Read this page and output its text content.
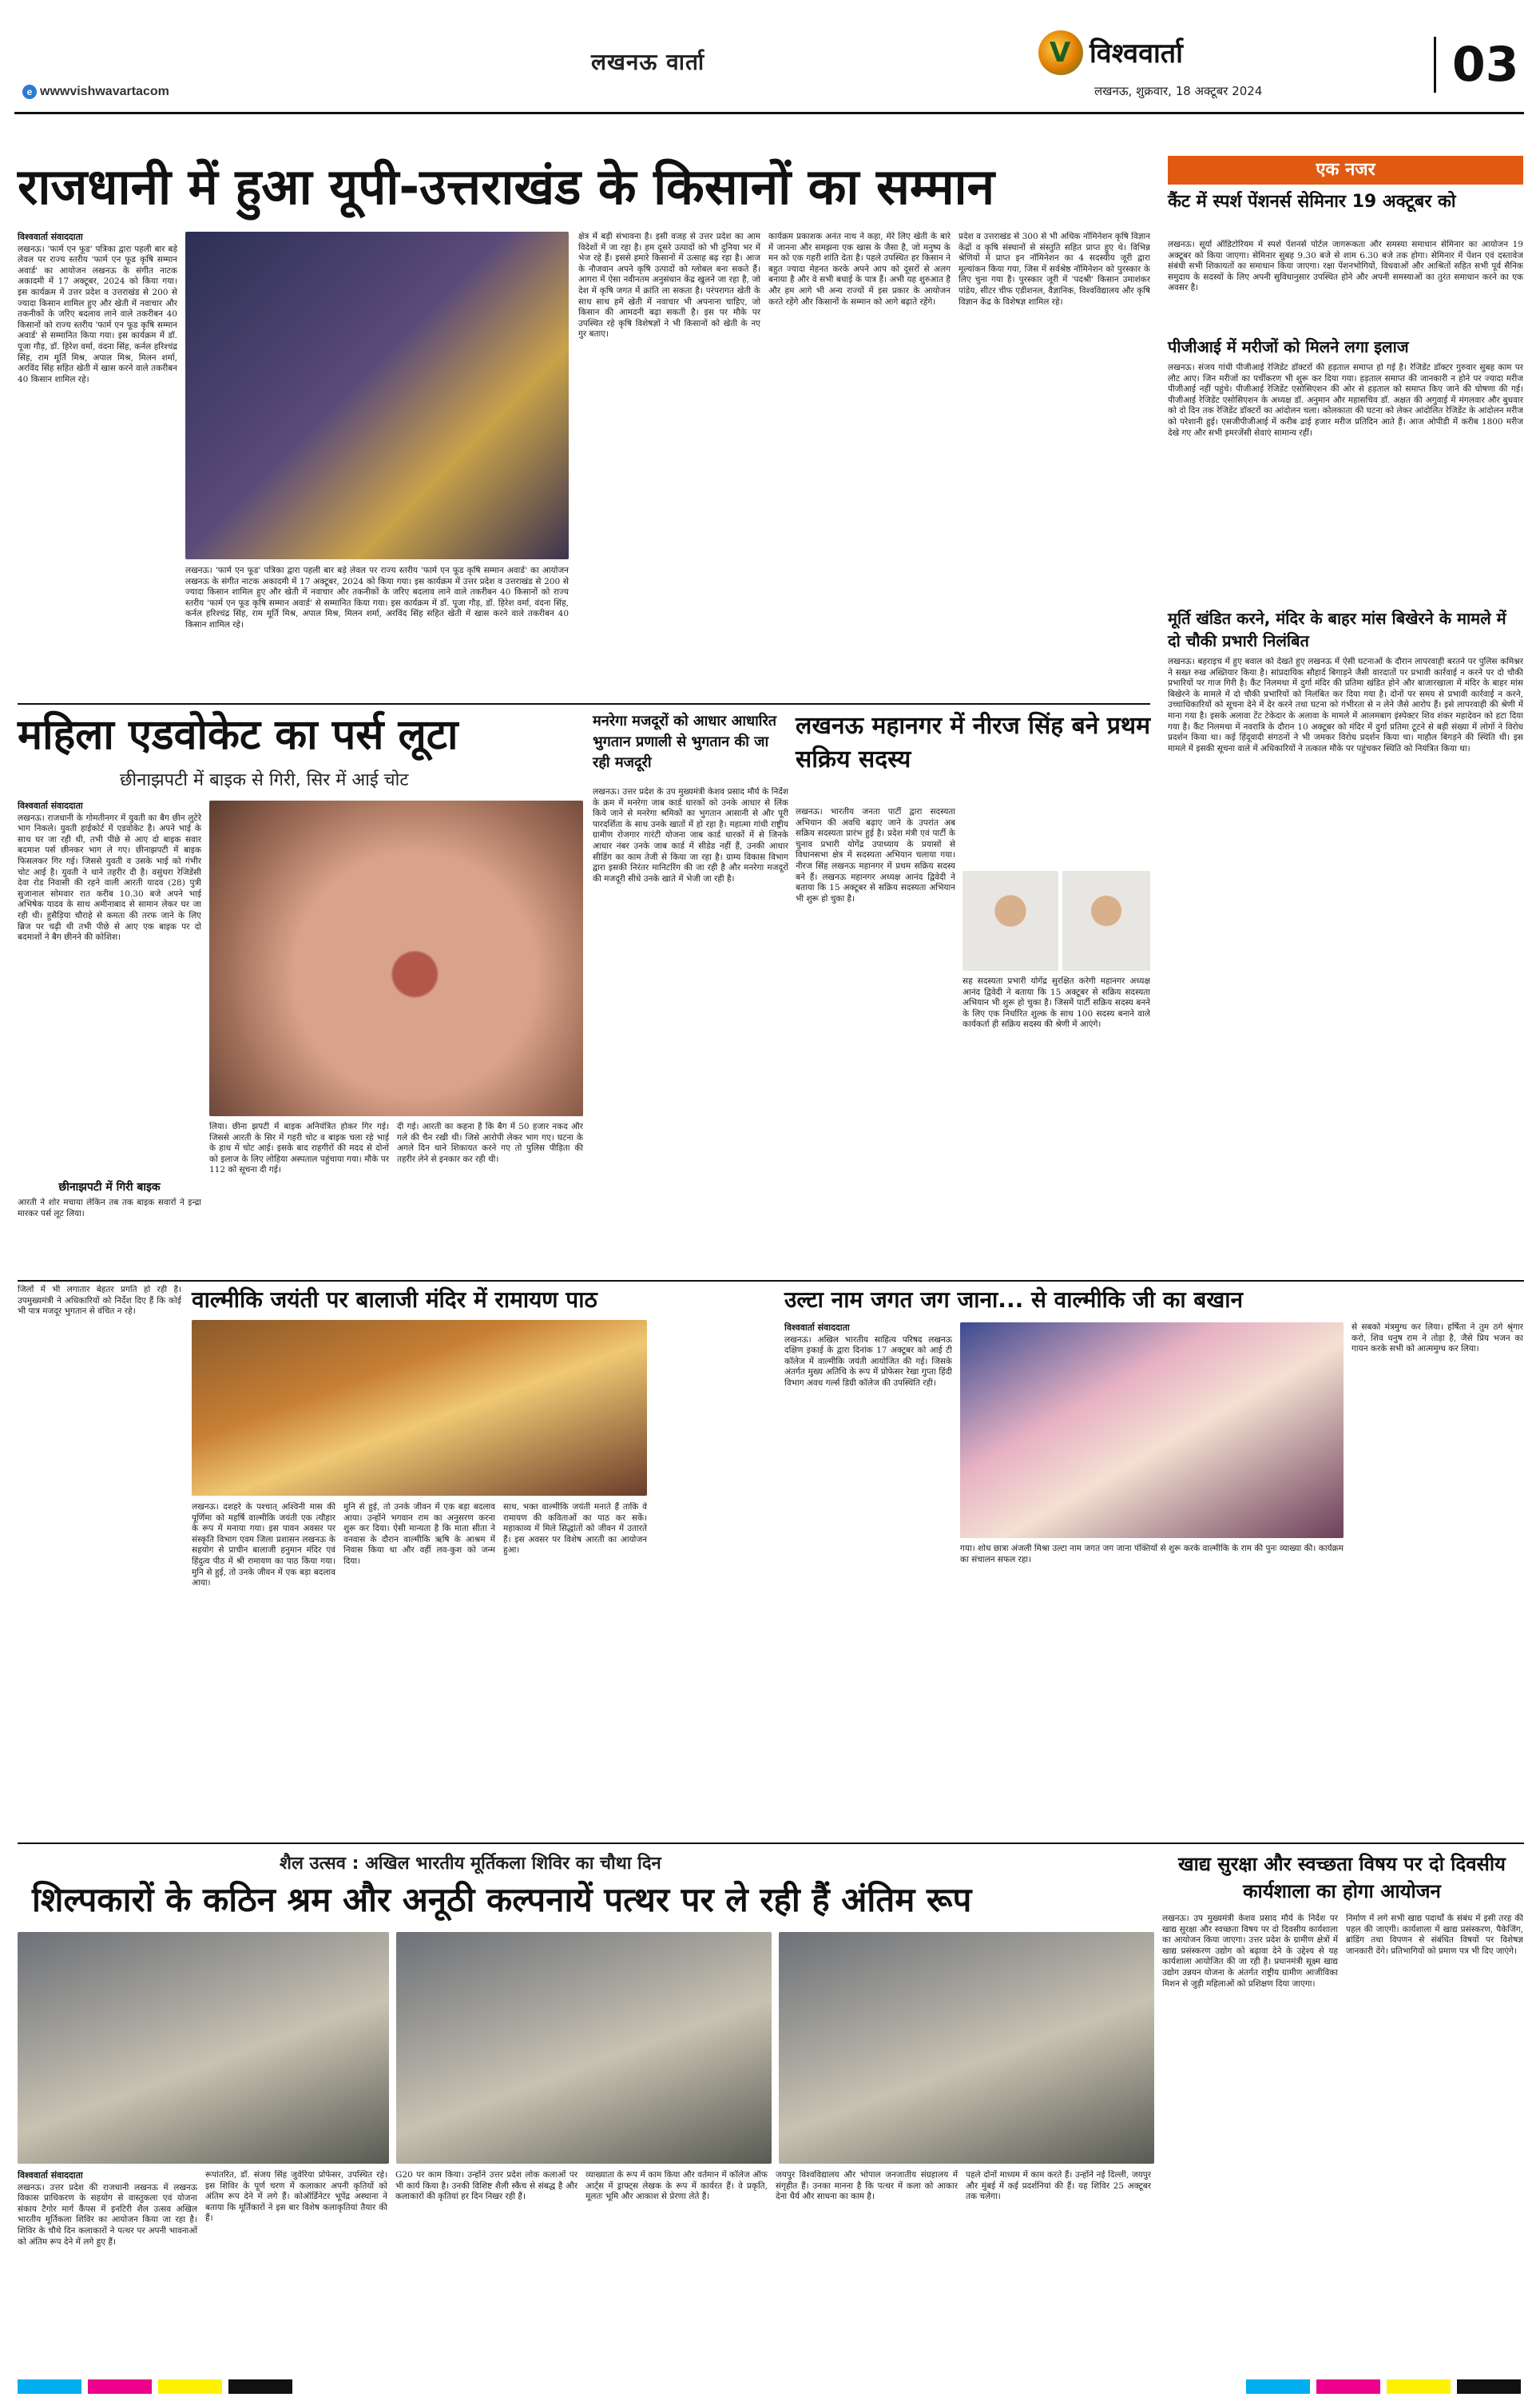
लखनऊ वार्ता
e wwwvishwavartacom
V
विश्ववार्ता
लखनऊ, शुक्रवार, 18 अक्टूबर 2024	03
राजधानी में हुआ यूपी-उत्तराखंड के किसानों का सम्मान
विश्ववार्ता संवाददाता
लखनऊ। 'फार्म एन फूड' पत्रिका द्वारा पहली बार बड़े लेवल पर राज्य स्तरीय 'फार्म एन फूड कृषि सम्मान अवार्ड' का आयोजन लखनऊ के संगीत नाटक अकादमी में 17 अक्टूबर, 2024 को किया गया। इस कार्यक्रम में उत्तर प्रदेश व उत्तराखंड से 200 से ज्यादा किसान शामिल हुए और खेती में नवाचार और तकनीकों के जरिए बदलाव लाने वाले तकरीबन 40 किसानों को राज्य स्तरीय 'फार्म एन फूड कृषि सम्मान अवार्ड' से सम्मानित किया गया। इस कार्यक्रम में डॉ. पूजा गौड़, डॉ. हिरेश वर्मा, वंदना सिंह, कर्नल हरिश्चंद्र सिंह, राम मूर्ति मिश्र, अपाल मिश्र, मिलन शर्मा, अरविंद सिंह सहित खेती में खास करने वाले तकरीबन 40 किसान शामिल रहे।
लखनऊ। 'फार्म एन फूड' पत्रिका द्वारा पहली बार बड़े लेवल पर राज्य स्तरीय 'फार्म एन फूड कृषि सम्मान अवार्ड' का आयोजन लखनऊ के संगीत नाटक अकादमी में 17 अक्टूबर, 2024 को किया गया। इस कार्यक्रम में उत्तर प्रदेश व उत्तराखंड से 200 से ज्यादा किसान शामिल हुए और खेती में नवाचार और तकनीकों के जरिए बदलाव लाने वाले तकरीबन 40 किसानों को राज्य स्तरीय 'फार्म एन फूड कृषि सम्मान अवार्ड' से सम्मानित किया गया। इस कार्यक्रम में डॉ. पूजा गौड़, डॉ. हिरेश वर्मा, वंदना सिंह, कर्नल हरिश्चंद्र सिंह, राम मूर्ति मिश्र, अपाल मिश्र, मिलन शर्मा, अरविंद सिंह सहित खेती में खास करने वाले तकरीबन 40 किसान शामिल रहे।
क्षेत्र में बड़ी संभावना है। इसी वजह से उत्तर प्रदेश का आम विदेशों में जा रहा है। हम दूसरे उत्पादों को भी दुनिया भर में भेज रहे हैं। इससे हमारे किसानों में उत्साह बढ़ रहा है। आज के नौजवान अपने कृषि उत्पादों को ग्लोबल बना सकते हैं। आगरा में ऐसा नवीनतम अनुसंधान केंद्र खुलने जा रहा है, जो देश में कृषि जगत में क्रांति ला सकता है। परंपरागत खेती के साथ साथ हमें खेती में नवाचार भी अपनाना चाहिए, जो किसान की आमदनी बढ़ा सकती है। इस पर मौके पर उपस्थित रहे कृषि विशेषज्ञों ने भी किसानों को खेती के नए गुर बताए।
कार्यक्रम प्रकाशक अनंत नाथ ने कहा, मेरे लिए खेती के बारे में जानना और समझना एक खास के जैसा है, जो मनुष्य के मन को एक गहरी शांति देता है। पहले उपस्थित हर किसान ने बहुत ज्यादा मेहनत करके अपने आप को दूसरों से अलग बनाया है और वे सभी बधाई के पात्र हैं। अभी यह शुरुआत है और हम आगे भी अन्य राज्यों में इस प्रकार के आयोजन करते रहेंगे और किसानों के सम्मान को आगे बढ़ाते रहेंगे।
प्रदेश व उत्तराखंड से 300 से भी अधिक नॉमिनेशन कृषि विज्ञान केंद्रों व कृषि संस्थानों से संस्तुति सहित प्राप्त हुए थे। विभिन्न श्रेणियों में प्राप्त इन नॉमिनेशन का 4 सदस्यीय जूरी द्वारा मूल्यांकन किया गया, जिस में सर्वश्रेष्ठ नॉमिनेशन को पुरस्कार के लिए चुना गया है। पुरस्कार जूरी में 'पदश्री' किसान उमाशंकर पांडेय, सीटर चीफ एडीशनल, वैज्ञानिक, विश्वविद्यालय और कृषि विज्ञान केंद्र के विशेषज्ञ शामिल रहे।
महिला एडवोकेट का पर्स लूटा
छीनाझपटी में बाइक से गिरी, सिर में आई चोट
विश्ववार्ता संवाददाता
लखनऊ। राजधानी के गोमतीनगर में युवती का बैग छीन लुटेरे भाग निकले। युवती हाईकोर्ट में एडवोकेट है। अपने भाई के साथ घर जा रही थी, तभी पीछे से आए दो बाइक सवार बदमाश पर्स छीनकर भाग ले गए। छीनाझपटी में बाइक फिसलकर गिर गई। जिससे युवती व उसके भाई को गंभीर चोट आई है। युवती ने थाने तहरीर दी है। वसुंधरा रेजिडेंसी देवा रोड निवासी की रहने वाली आरती यादव (28) पुत्री सुजानाल सोमवार रात करीब 10.30 बजे अपने भाई अभिषेक यादव के साथ अमीनाबाद से सामान लेकर घर जा रही थी। हुसैड़िया चौराहे से कमता की तरफ जाने के लिए ब्रिज पर चढ़ी थी तभी पीछे से आए एक बाइक पर दो बदमाशों ने बैग छीनने की कोशिश।
छीनाझपटी में गिरी बाइक
आरती ने शोर मचाया लेकिन तब तक बाइक सवारों ने इन्द्रा मारकर पर्स लूट लिया।
लिया। छीना झपटी में बाइक अनियंत्रित होकर गिर गई। जिससे आरती के सिर में गहरी चोट व बाइक चला रहे भाई के हाथ में चोट आई। इसके बाद राहगीरों की मदद से दोनों को इलाज के लिए लोहिया अस्पताल पहुंचाया गया। मौके पर 112 को सूचना दी गई।
दी गई। आरती का कहना है कि बैग में 50 हजार नकद और गले की चैन रखी थी। जिसे आरोपी लेकर भाग गए। घटना के अगले दिन थाने शिकायत करने गए तो पुलिस पीड़िता की तहरीर लेने से इनकार कर रही थी।
मनरेगा मजदूरों को आधार आधारित भुगतान प्रणाली से भुगतान की जा रही मजदूरी
लखनऊ। उत्तर प्रदेश के उप मुख्यमंत्री केशव प्रसाद मौर्य के निर्देश के क्रम में मनरेगा जाब कार्ड धारकों को उनके आधार से लिंक किये जाने से मनरेगा श्रमिकों का भुगतान आसानी से और पूरी पारदर्शिता के साथ उनके खातों में हो रहा है। महात्मा गांधी राष्ट्रीय ग्रामीण रोजगार गारंटी योजना जाब कार्ड धारकों में से जिनके आधार नंबर उनके जाब कार्ड में सीडेड नहीं हैं, उनकी आधार सीडिंग का काम तेजी से किया जा रहा है। ग्राम्य विकास विभाग द्वारा इसकी निरंतर मानिटरिंग की जा रही है और मनरेगा मजदूरों की मजदूरी सीधे उनके खाते में भेजी जा रही है।
लखनऊ महानगर में नीरज सिंह बने प्रथम सक्रिय सदस्य
लखनऊ। भारतीय जनता पार्टी द्वारा सदस्यता अभियान की अवधि बढ़ाए जाने के उपरांत अब सक्रिय सदस्यता प्रारंभ हुई है। प्रदेश मंत्री एवं पार्टी के चुनाव प्रभारी योगेंद्र उपाध्याय के प्रयासों से विधानसभा क्षेत्र में सदस्यता अभियान चलाया गया। नीरज सिंह लखनऊ महानगर में प्रथम सक्रिय सदस्य बने हैं। लखनऊ महानगर अध्यक्ष आनंद द्विवेदी ने बताया कि 15 अक्टूबर से सक्रिय सदस्यता अभियान भी शुरू हो चुका है।
सह सदस्यता प्रभारी योगेंद्र सुरक्षित करेगी महानगर अध्यक्ष आनंद द्विवेदी ने बताया कि 15 अक्टूबर से सक्रिय सदस्यता अभियान भी शुरू हो चुका है। जिसमें पार्टी सक्रिय सदस्य बनने के लिए एक निर्धारित शुल्क के साथ 100 सदस्य बनाने वाले कार्यकर्ता ही सक्रिय सदस्य की श्रेणी में आएंगे।
एक नजर
कैंट में स्पर्श पेंशनर्स सेमिनार 19 अक्टूबर को
लखनऊ। सूर्या ऑडिटोरियम में स्पर्श पेंशनर्स पोर्टल जागरूकता और समस्या समाधान सेमिनार का आयोजन 19 अक्टूबर को किया जाएगा। सेमिनार सुबह 9.30 बजे से शाम 6.30 बजे तक होगा। सेमिनार में पेंशन एवं दस्तावेज संबंधी सभी शिकायतों का समाधान किया जाएगा। रक्षा पेंशनभोगियों, विधवाओं और आश्रितों सहित सभी पूर्व सैनिक समुदाय के सदस्यों के लिए अपनी सुविधानुसार उपस्थित होने और अपनी समस्याओं का तुरंत समाधान करने का एक अवसर है।
पीजीआई में मरीजों को मिलने लगा इलाज
लखनऊ। संजय गांधी पीजीआई रेजिडेंट डॉक्टरों की हड़ताल समाप्त हो गई है। रेजिडेंट डॉक्टर गुरुवार सुबह काम पर लौट आए। जिन मरीजों का पर्चीकरण भी शुरू कर दिया गया। हड़ताल समाप्त की जानकारी न होने पर ज्यादा मरीज पीजीआई नहीं पहुंचे। पीजीआई रेजिडेंट एसोसिएशन की ओर से हड़ताल को समाप्त किए जाने की घोषणा की गई। पीजीआई रेजिडेंट एसोसिएशन के अध्यक्ष डॉ. अनुमान और महासचिव डॉ. अक्षत की अगुवाई में मंगलवार और बुधवार को दो दिन तक रेजिडेंट डॉक्टरों का आंदोलन चला। कोलकाता की घटना को लेकर आंदोलित रेजिडेंट के आंदोलन मरीज को परेशानी हुई। एसजीपीजीआई में करीब ढाई हजार मरीज प्रतिदिन आते हैं। आज ओपीडी में करीब 1800 मरीज देखे गए और सभी इमरजेंसी सेवाएं सामान्य रहीं।
मूर्ति खंडित करने, मंदिर के बाहर मांस बिखेरने के मामले में दो चौकी प्रभारी निलंबित
लखनऊ। बहराइच में हुए बवाल को देखते हुए लखनऊ में ऐसी घटनाओं के दौरान लापरवाही बरतने पर पुलिस कमिश्नर ने सख्त रुख अख्तियार किया है। सांप्रदायिक सौहार्द बिगाड़ने जैसी वारदातों पर प्रभावी कार्रवाई न करने पर दो चौकी प्रभारियों पर गाज गिरी है। कैंट निलमथा में दुर्गा मंदिर की प्रतिमा खंडित होने और बाजारखाला में मंदिर के बाहर मांस बिखेरने के मामले में दो चौकी प्रभारियों को निलंबित कर दिया गया है। दोनों पर समय से प्रभावी कार्रवाई न करने, उच्चाधिकारियों को सूचना देने में देर करने तथा घटना को गंभीरता से न लेने जैसे आरोप हैं। इसे लापरवाही की श्रेणी में माना गया है। इसके अलावा टेंट टेकेदार के अलावा के मामले में आलमबाग इंस्पेक्टर शिव शंकर महादेवन को हटा दिया गया है। कैंट निलमथा में नवरात्रि के दौरान 10 अक्टूबर को मंदिर में दुर्गा प्रतिमा टूटने से बड़ी संख्या में लोगों ने विरोध प्रदर्शन किया था। कई हिंदूवादी संगठनों ने भी जमकर विरोध प्रदर्शन किया था। माहौल बिगड़ने की स्थिति थी। इस मामले में इसकी सूचना वाले में अधिकारियों ने तत्काल मौके पर पहुंचकर स्थिति को नियंत्रित किया था।
वाल्मीकि जयंती पर बालाजी मंदिर में रामायण पाठ
लखनऊ। दशहरे के पश्चात् अश्विनी मास की पूर्णिमा को महर्षि वाल्मीकि जयंती एक त्यौहार के रूप में मनाया गया। इस पावन अवसर पर संस्कृति विभाग एवम जिला प्रशासन लखनऊ के सहयोग से प्राचीन बालाजी हनुमान मंदिर एवं हिंदुत्व पीठ में श्री रामायण का पाठ किया गया। मुनि से हुई, तो उनके जीवन में एक बड़ा बदलाव आया।
मुनि से हुई, तो उनके जीवन में एक बड़ा बदलाव आया। उन्होंने भगवान राम का अनुसरण करना शुरू कर दिया। ऐसी मान्यता है कि माता सीता ने वनवास के दौरान वाल्मीकि ऋषि के आश्रम में निवास किया था और वहीं लव-कुश को जन्म दिया।
साथ, भक्त वाल्मीकि जयंती मनाते हैं ताकि वे रामायण की कविताओं का पाठ कर सकें। महाकाव्य में मिले सिद्धांतों को जीवन में उतारते हैं। इस अवसर पर विशेष आरती का आयोजन हुआ।
जिलों में भी लगातार बेहतर प्रगति हो रही है। उपमुख्यमंत्री ने अधिकारियों को निर्देश दिए हैं कि कोई भी पात्र मजदूर भुगतान से वंचित न रहे।	उल्टा नाम जगत जग जाना... से वाल्मीकि जी का बखान
विश्ववार्ता संवाददाता
लखनऊ। अखिल भारतीय साहित्य परिषद लखनऊ दक्षिण इकाई के द्वारा दिनांक 17 अक्टूबर को आई टी कॉलेज में वाल्मीकि जयंती आयोजित की गई। जिसके अंतर्गत मुख्य अतिथि के रूप में प्रोफेसर रेखा गुप्ता हिंदी विभाग अवध गर्ल्स डिग्री कॉलेज की उपस्थिति रही।
गया। शोध छात्रा अंजली मिश्रा उल्टा नाम जगत जग जाना पंक्तियों से शुरू करके वाल्मीकि के राम की पुनः व्याख्या की। कार्यक्रम का संचालन सफल रहा।
से सबको मंत्रमुग्ध कर लिया। हर्षिता ने तुम ठगे श्रृंगार करो, शिव धनुष राम ने तोड़ा है, जैसे प्रिय भजन का गायन करके सभी को आत्ममुग्ध कर लिया।
शैल उत्सव : अखिल भारतीय मूर्तिकला शिविर का चौथा दिन
शिल्पकारों के कठिन श्रम और अनूठी कल्पनायें पत्थर पर ले रही हैं अंतिम रूप
विश्ववार्ता संवाददाता
लखनऊ। उत्तर प्रदेश की राजधानी लखनऊ में लखनऊ विकास प्राधिकरण के सहयोग से वास्तुकला एवं योजना संकाय टैगोर मार्ग कैंपस में इनटिरी शैल उत्सव अखिल भारतीय मूर्तिकला शिविर का आयोजन किया जा रहा है। शिविर के चौथे दिन कलाकारों ने पत्थर पर अपनी भावनाओं को अंतिम रूप देने में लगे हुए हैं।
रूपांतरित, डॉ. संजय सिंह जुवेरिया प्रोफेसर, उपस्थित रहे। इस शिविर के पूर्ण चरण में कलाकार अपनी कृतियों को अंतिम रूप देने में लगे हैं। कोऑर्डिनेटर भूपेंद्र अस्थाना ने बताया कि मूर्तिकारों ने इस बार विशेष कलाकृतियां तैयार की हैं।
G20 पर काम किया। उन्होंने उत्तर प्रदेश लोक कलाओं पर भी कार्य किया है। उनकी विशिष्ट शैली स्कैच से संबद्ध है और कलाकारों की कृतियां हर दिन निखर रही हैं।
व्याख्याता के रूप में काम किया और वर्तमान में कॉलेज ऑफ आर्ट्स में ड्राफ्ट्स लेखक के रूप में कार्यरत हैं। वे प्रकृति, मूलतः भूमि और आकाश से प्रेरणा लेते हैं।
जयपुर विश्वविद्यालय और भोपाल जनजातीय संग्रहालय में संगृहीत हैं। उनका मानना है कि पत्थर में कला को आकार देना धैर्य और साधना का काम है।
पहले दोनों माध्यम में काम करते हैं। उन्होंने नई दिल्ली, जयपुर और मुंबई में कई प्रदर्शनियां की हैं। यह शिविर 25 अक्टूबर तक चलेगा।
खाद्य सुरक्षा और स्वच्छता विषय पर दो दिवसीय कार्यशाला का होगा आयोजन
लखनऊ। उप मुख्यमंत्री केशव प्रसाद मौर्य के निर्देश पर खाद्य सुरक्षा और स्वच्छता विषय पर दो दिवसीय कार्यशाला का आयोजन किया जाएगा। उत्तर प्रदेश के ग्रामीण क्षेत्रों में खाद्य प्रसंस्करण उद्योग को बढ़ावा देने के उद्देश्य से यह कार्यशाला आयोजित की जा रही है। प्रधानमंत्री सूक्ष्म खाद्य उद्योग उन्नयन योजना के अंतर्गत राष्ट्रीय ग्रामीण आजीविका मिशन से जुड़ी महिलाओं को प्रशिक्षण दिया जाएगा।
निर्माण में लगे सभी खाद्य पदार्थों के संबंध में इसी तरह की पहल की जाएगी। कार्यशाला में खाद्य प्रसंस्करण, पैकेजिंग, ब्रांडिंग तथा विपणन से संबंधित विषयों पर विशेषज्ञ जानकारी देंगे। प्रतिभागियों को प्रमाण पत्र भी दिए जाएंगे।
